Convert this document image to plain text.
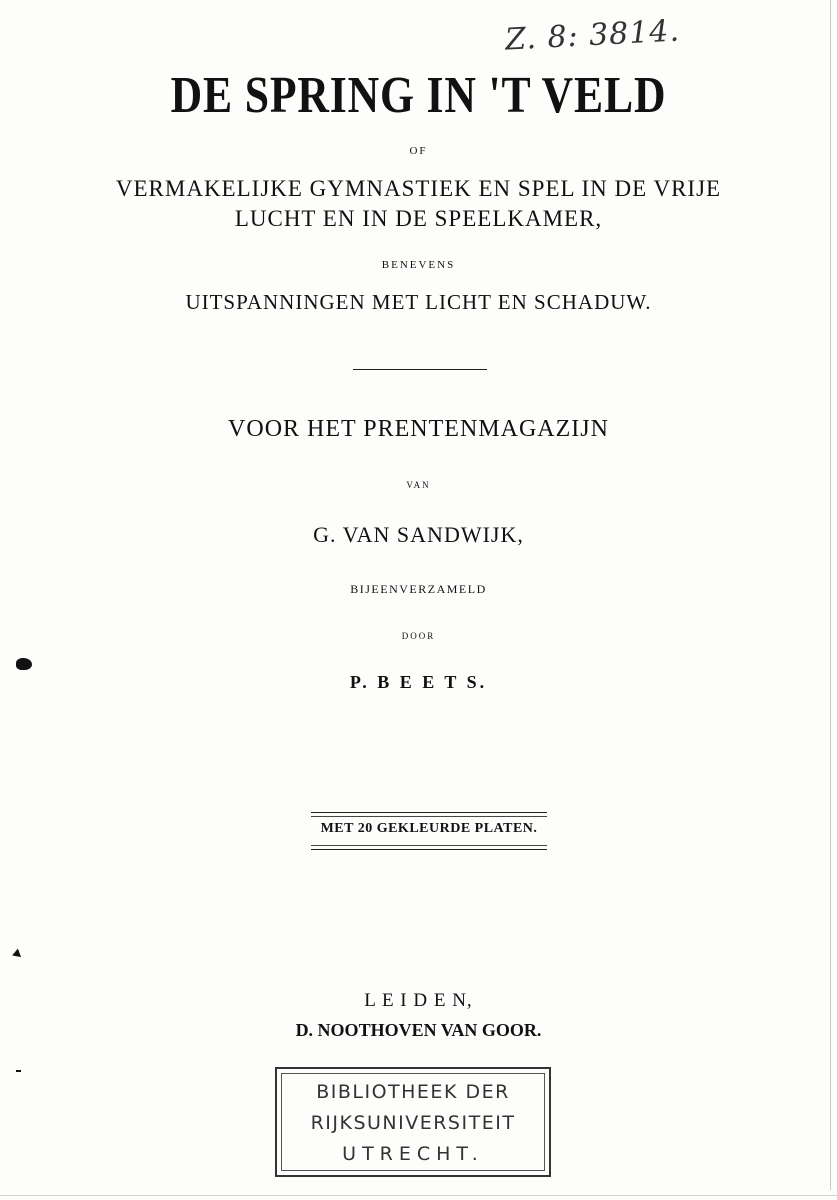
Z. 8: 3814.
DE SPRING IN 'T VELD
OF
VERMAKELIJKE GYMNASTIEK EN SPEL IN DE VRIJE
LUCHT EN IN DE SPEELKAMER,
BENEVENS
UITSPANNINGEN MET LICHT EN SCHADUW.
VOOR HET PRENTENMAGAZIJN
VAN
G. VAN SANDWIJK,
BIJEENVERZAMELD
DOOR
P. B E E T S.
MET 20 GEKLEURDE PLATEN.
L E I D E N,
D. NOOTHOVEN VAN GOOR.
BIBLIOTHEEK DER
RIJKSUNIVERSITEIT
UTRECHT.
